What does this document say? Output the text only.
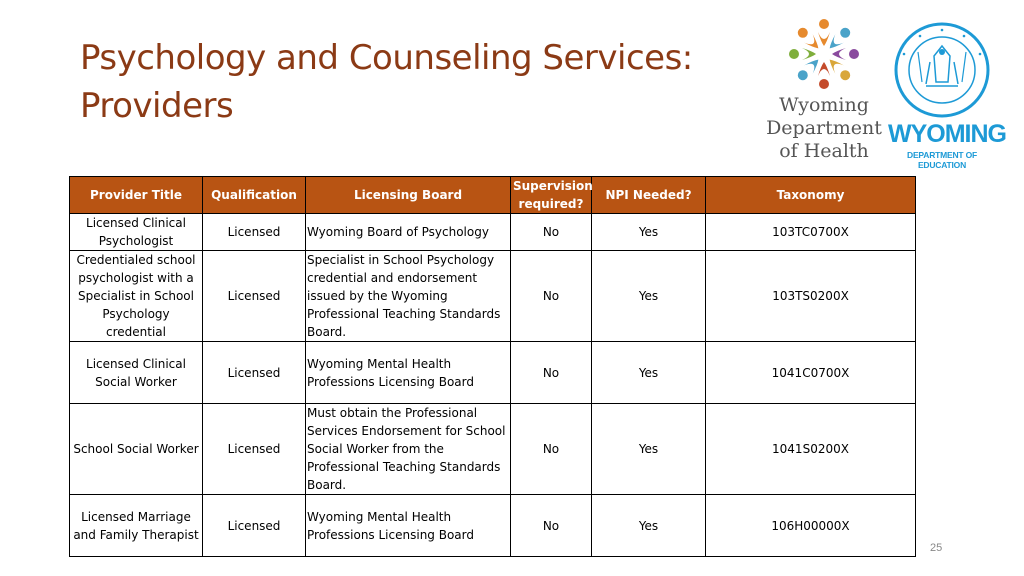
Psychology and Counseling Services:
Providers	Wyoming
Department
of Health
WYOMING
DEPARTMENT OF EDUCATION
Provider Title	Qualification	Licensing Board	Supervision required?	NPI Needed?	Taxonomy
Licensed Clinical Psychologist	Licensed	Wyoming Board of Psychology	No	Yes	103TC0700X
Credentialed school psychologist with a Specialist in School Psychology credential	Licensed	Specialist in School Psychology credential and endorsement issued by the Wyoming Professional Teaching Standards Board.	No	Yes	103TS0200X
Licensed Clinical Social Worker	Licensed	Wyoming Mental Health Professions Licensing Board	No	Yes	1041C0700X
School Social Worker	Licensed	Must obtain the Professional Services Endorsement for School Social Worker from the Professional Teaching Standards Board.	No	Yes	1041S0200X
Licensed Marriage and Family Therapist	Licensed	Wyoming Mental Health Professions Licensing Board	No	Yes	106H00000X
25
